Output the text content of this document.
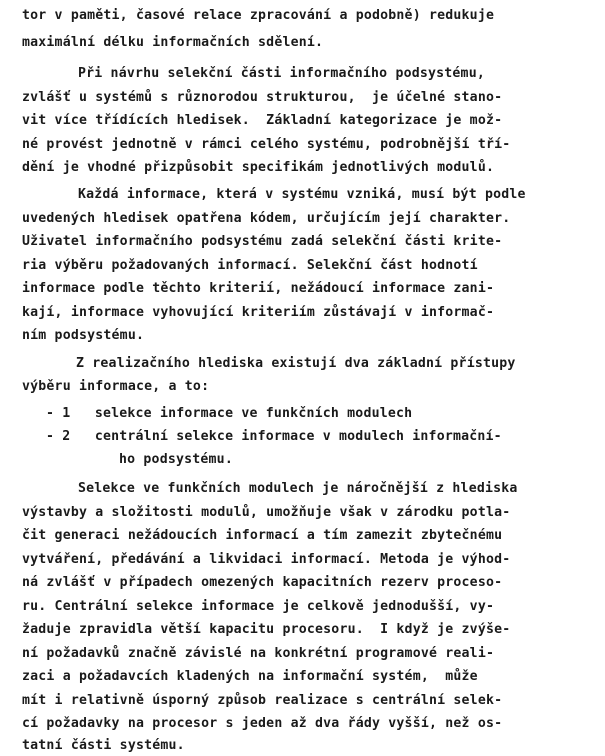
tor v paměti, časové relace zpracování a podobně) redukuje
maximální délku informačních sdělení.
Při návrhu selekční části informačního podsystému,
zvlášť u systémů s různorodou strukturou,  je účelné stano-
vit více třídících hledisek.  Základní kategorizace je mož-
né provést jednotně v rámci celého systému, podrobnější tří-
dění je vhodné přizpůsobit specifikám jednotlivých modulů.
Každá informace, která v systému vzniká, musí být podle
uvedených hledisek opatřena kódem, určujícím její charakter.
Uživatel informačního podsystému zadá selekční části krite-
ria výběru požadovaných informací. Selekční část hodnotí
informace podle těchto kriterií, nežádoucí informace zani-
kají, informace vyhovující kriteriím zůstávají v informač-
ním podsystému.
Z realizačního hlediska existují dva základní přístupy
výběru informace, a to:
- 1   selekce informace ve funkčních modulech
- 2   centrální selekce informace v modulech informační-
ho podsystému.
Selekce ve funkčních modulech je náročnější z hlediska
výstavby a složitosti modulů, umožňuje však v zárodku potla-
čit generaci nežádoucích informací a tím zamezit zbytečnému
vytváření, předávání a likvidaci informací. Metoda je výhod-
ná zvlášť v případech omezených kapacitních rezerv proceso-
ru. Centrální selekce informace je celkově jednodušší, vy-
žaduje zpravidla větší kapacitu procesoru.  I když je zvýše-
ní požadavků značně závislé na konkrétní programové reali-
zaci a požadavcích kladených na informační systém,  může
mít i relativně úsporný způsob realizace s centrální selek-
cí požadavky na procesor s jeden až dva řády vyšší, než os-
tatní části systému.
